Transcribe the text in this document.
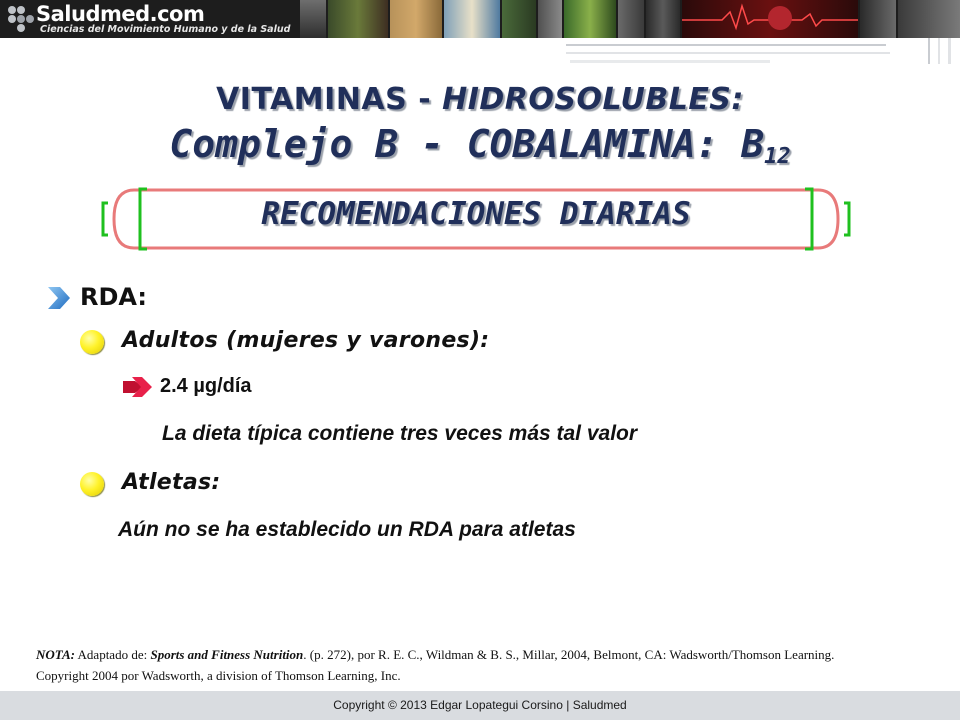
Saludmed.com
Ciencias del Movimiento Humano y de la Salud
VITAMINAS - HIDROSOLUBLES:
Complejo B - COBALAMINA: $B_{12}$
RECOMENDACIONES DIARIAS
RDA:
Adultos (mujeres y varones):
2.4 µg/día
La dieta típica contiene tres veces más tal valor
Atletas:
Aún no se ha establecido un RDA para atletas
NOTA: Adaptado de: Sports and Fitness Nutrition. (p. 272), por R. E. C., Wildman & B. S., Millar, 2004, Belmont, CA: Wadsworth/Thomson Learning. Copyright 2004 por Wadsworth, a division of Thomson Learning, Inc.
Copyright © 2013 Edgar Lopategui Corsino | Saludmed
